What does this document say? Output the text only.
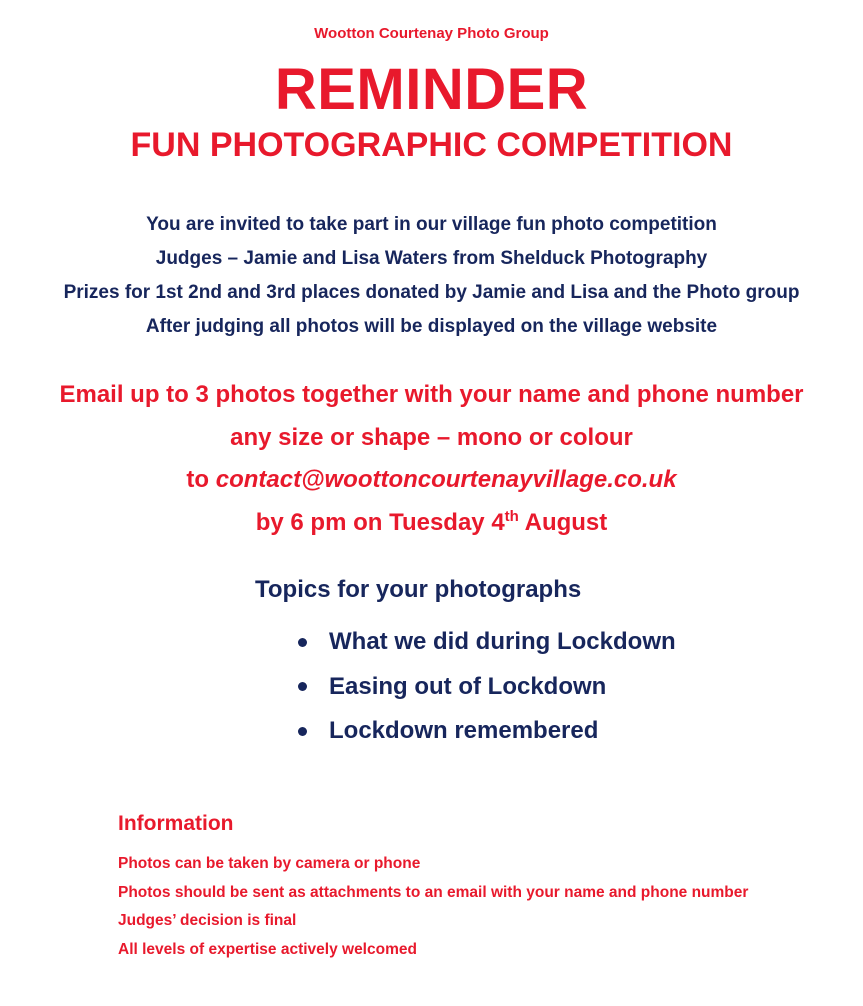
Wootton Courtenay Photo Group
REMINDER
FUN PHOTOGRAPHIC COMPETITION
You are invited to take part in our village fun photo competition
Judges – Jamie and Lisa Waters from Shelduck Photography
Prizes for 1st 2nd and 3rd places donated by Jamie and Lisa and the Photo group
After judging all photos will be displayed on the village website
Email up to 3 photos together with your name and phone number
any size or shape – mono or colour
to contact@woottoncourtenayvillage.co.uk
by 6 pm on Tuesday 4th August
Topics for your photographs
What we did during Lockdown
Easing out of Lockdown
Lockdown remembered
Information
Photos can be taken by camera or phone
Photos should be sent as attachments to an email with your name and phone number
Judges’ decision is final
All levels of expertise actively welcomed
